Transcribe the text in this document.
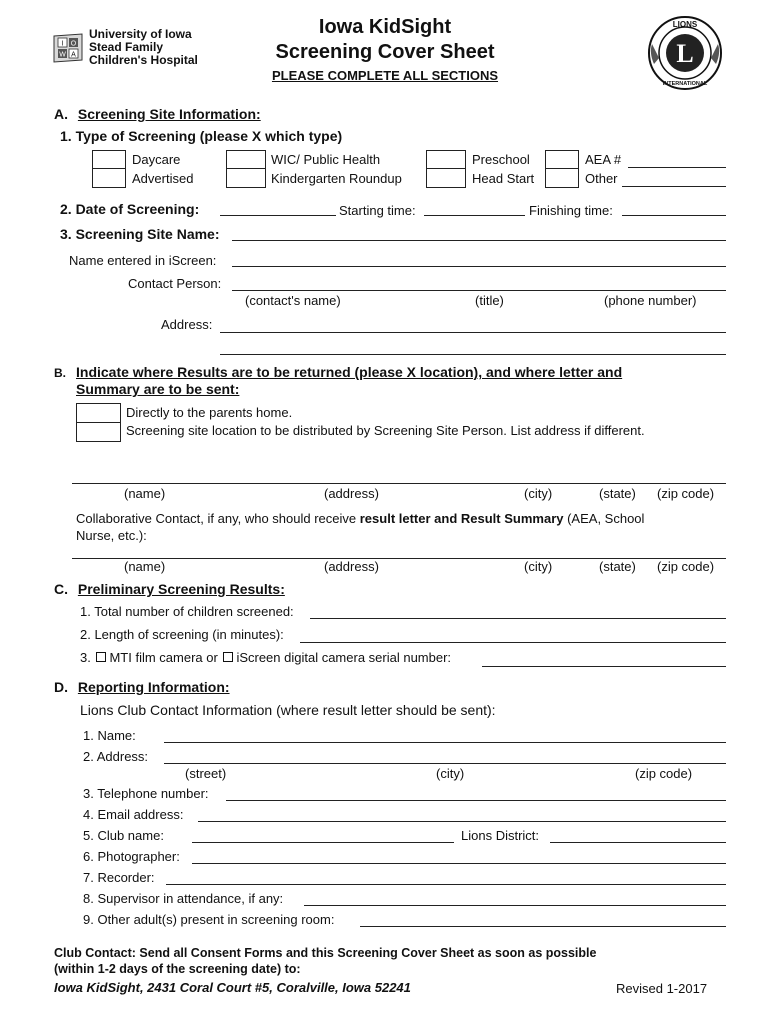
I O
W A
University of Iowa
Stead Family
Children's Hospital
Iowa KidSight
Screening Cover Sheet
PLEASE COMPLETE ALL SECTIONS
L
LIONS
INTERNATIONAL
A. Screening Site Information:
1. Type of Screening (please X which type)
Daycare
Advertised
WIC/ Public Health
Kindergarten Roundup
Preschool
Head Start
AEA #
Other
2. Date of Screening:	Starting time:	Finishing time:
3. Screening Site Name:
Name entered in iScreen:
Contact Person:
(contact's name)	(title)	(phone number)
Address:
B. Indicate where Results are to be returned (please X location), and where letter and
Summary are to be sent:
Directly to the parents home.
Screening site location to be distributed by Screening Site Person. List address if different.
(name)	(address)	(city)	(state) (zip code)
Collaborative Contact, if any, who should receive result letter and Result Summary (AEA, School
Nurse, etc.):
(name)	(address)	(city)	(state) (zip code)
C. Preliminary Screening Results:
1. Total number of children screened:
2. Length of screening (in minutes):
3. MTI film camera or iScreen digital camera serial number:
D. Reporting Information:
Lions Club Contact Information (where result letter should be sent):
1. Name:
2. Address:
(street)	(city)	(zip code)
3. Telephone number:
4. Email address:
5. Club name:	Lions District:
6. Photographer:
7. Recorder:
8. Supervisor in attendance, if any:
9. Other adult(s) present in screening room:
Club Contact: Send all Consent Forms and this Screening Cover Sheet as soon as possible
(within 1-2 days of the screening date) to:
Iowa KidSight, 2431 Coral Court #5, Coralville, Iowa 52241	Revised 1-2017
